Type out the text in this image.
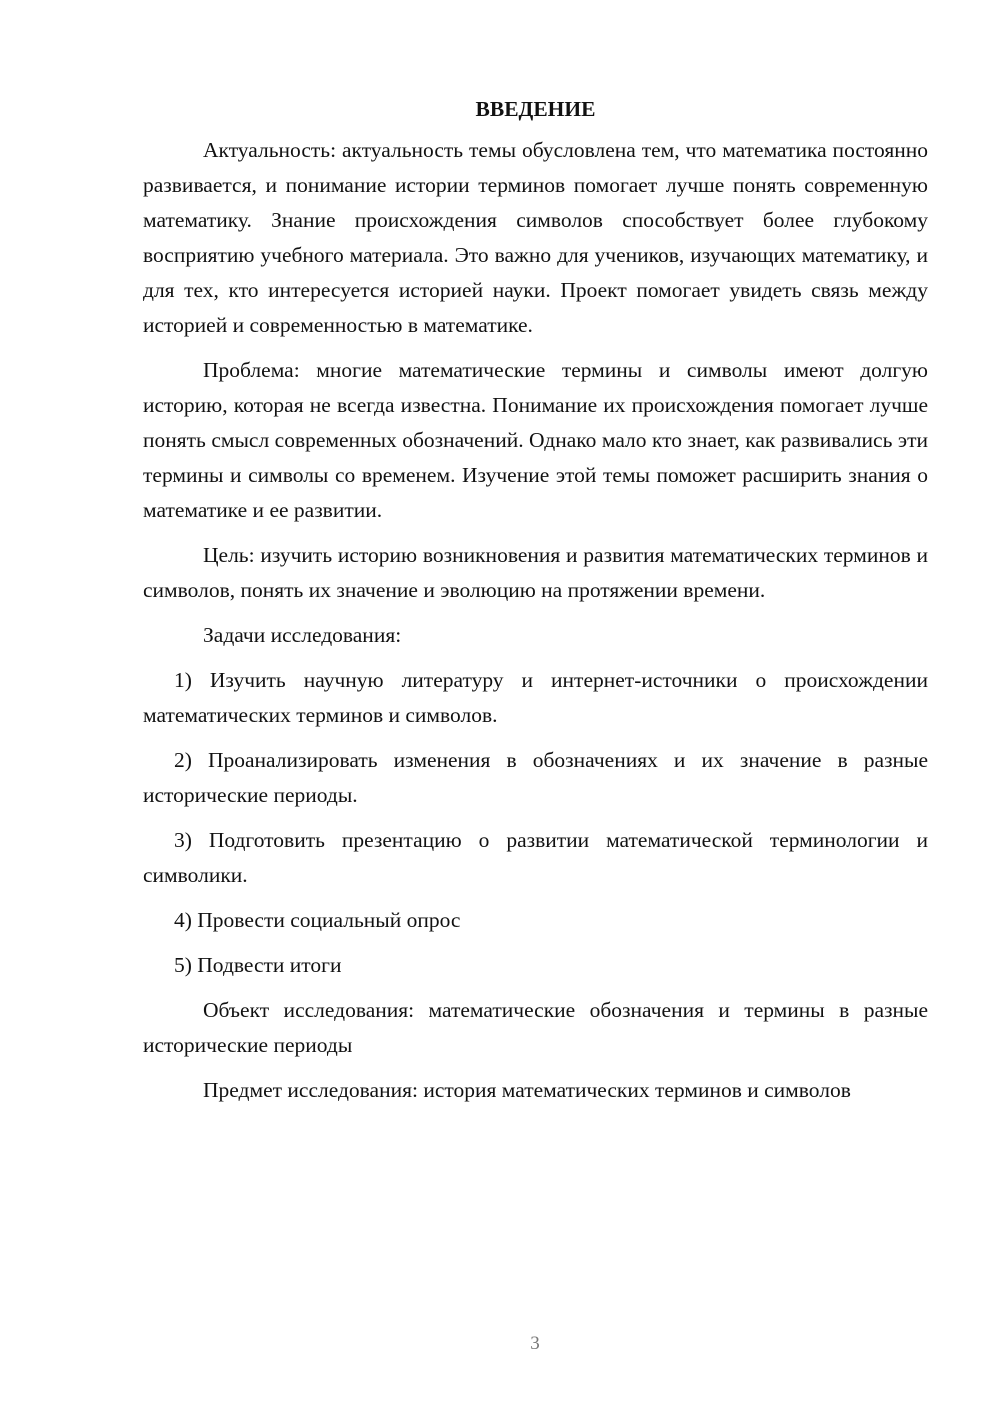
ВВЕДЕНИЕ

Актуальность: актуальность темы обусловлена тем, что математика постоянно развивается, и понимание истории терминов помогает лучше понять современную математику. Знание происхождения символов способствует более глубокому восприятию учебного материала. Это важно для учеников, изучающих математику, и для тех, кто интересуется историей науки. Проект помогает увидеть связь между историей и современностью в математике.

Проблема: многие математические термины и символы имеют долгую историю, которая не всегда известна. Понимание их происхождения помогает лучше понять смысл современных обозначений. Однако мало кто знает, как развивались эти термины и символы со временем. Изучение этой темы поможет расширить знания о математике и ее развитии.

Цель: изучить историю возникновения и развития математических терминов и символов, понять их значение и эволюцию на протяжении времени.

Задачи исследования:

1) Изучить научную литературу и интернет-источники о происхождении математических терминов и символов.

2) Проанализировать изменения в обозначениях и их значение в разные исторические периоды.

3) Подготовить презентацию о развитии математической терминологии и символики.

4) Провести социальный опрос

5) Подвести итоги

Объект исследования: математические обозначения и термины в разные исторические периоды

Предмет исследования: история математических терминов и символов

3
